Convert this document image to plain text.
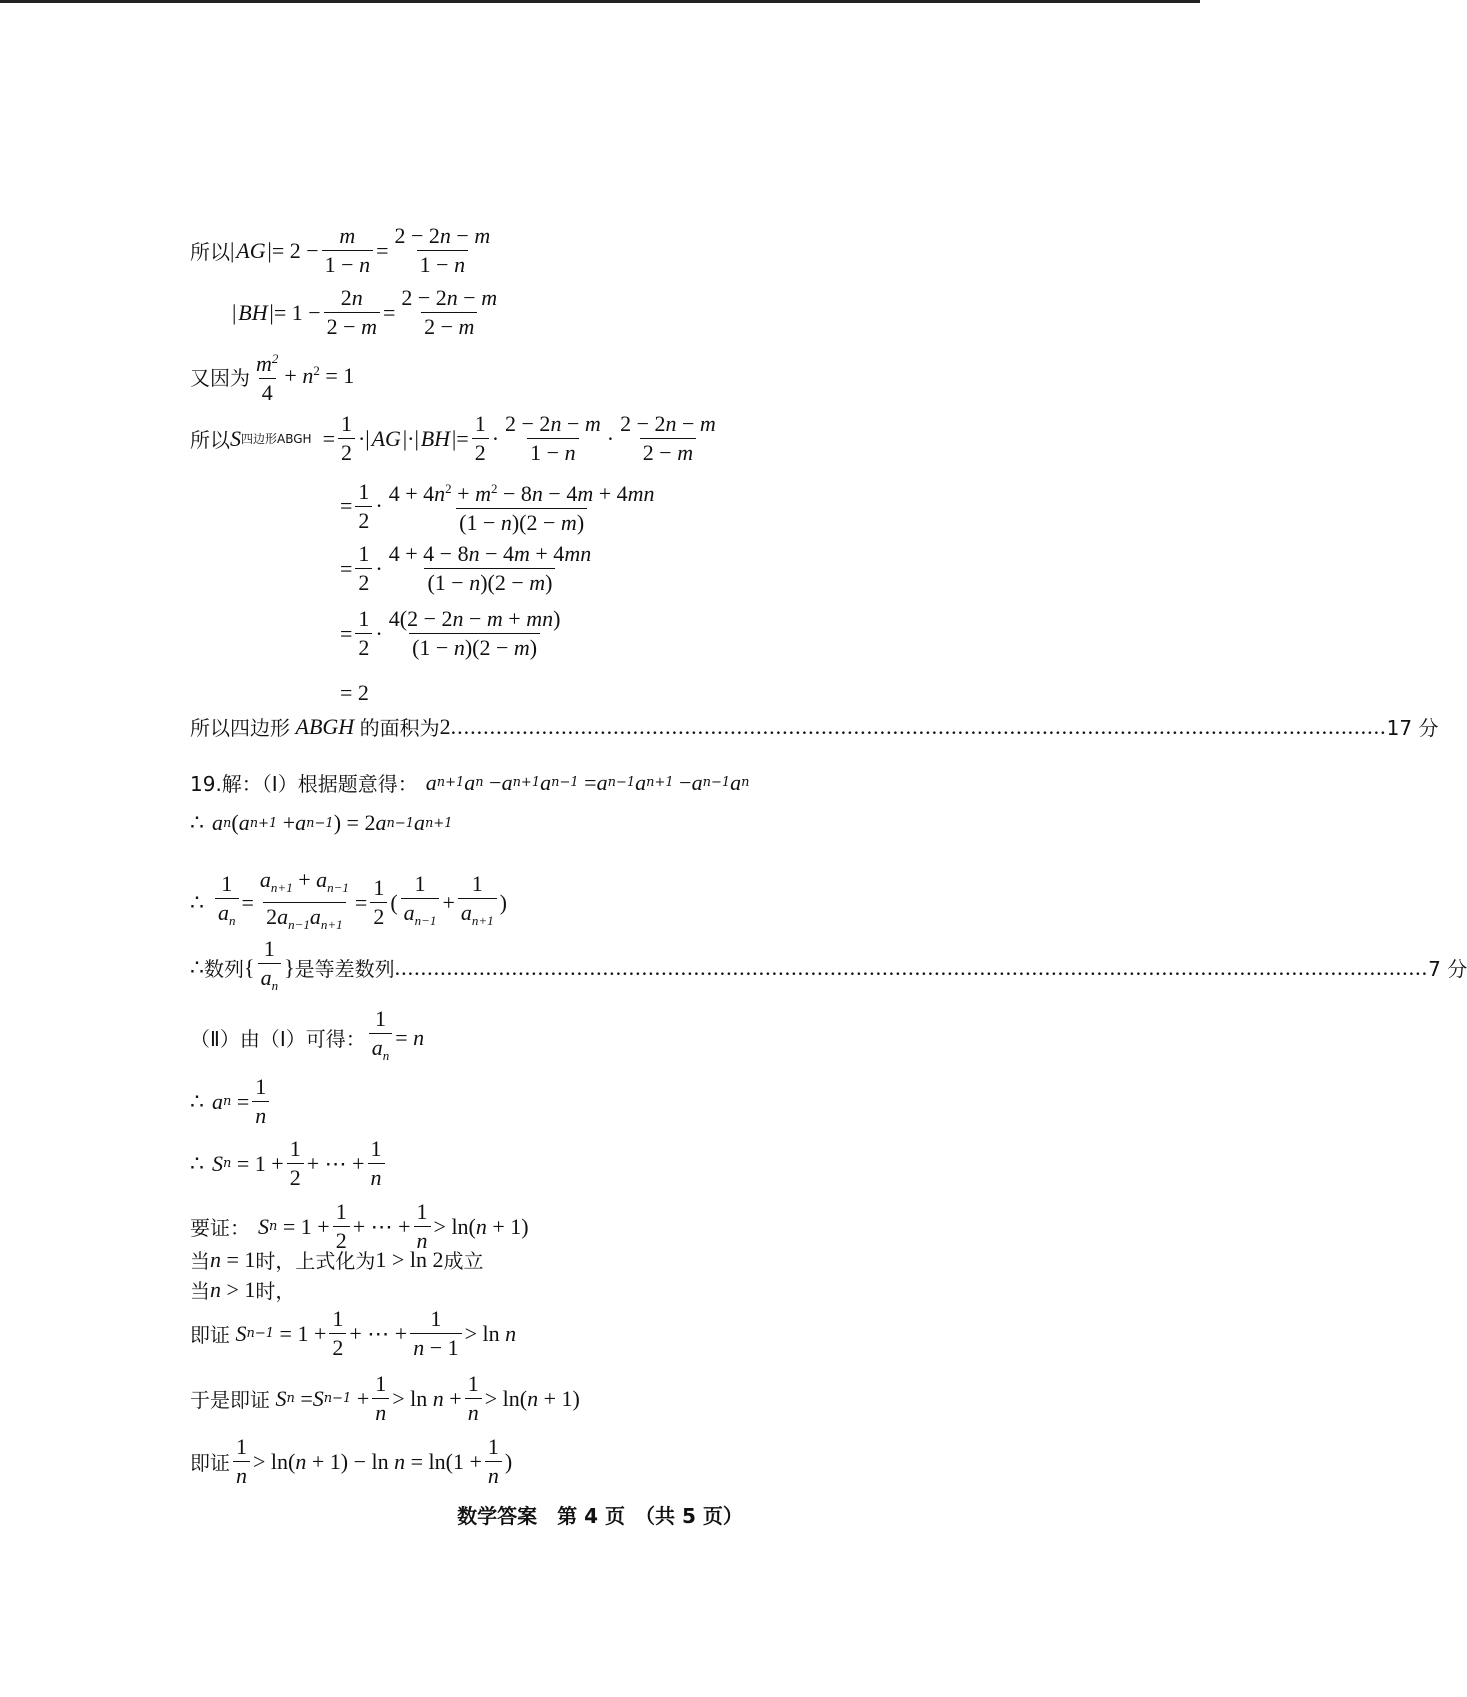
所以 |  AG  |= $2 - \frac{m}{1 - n} = \frac{2 - 2n - m}{1 - n}$
|  BH  |= $1 - \frac{2n}{2 - m} = \frac{2 - 2n - m}{2 - m}$
又因为 $\frac{m^2}{4} + n^2 = 1$
所以 S 四边形ABGH  = $\frac{1}{2}$ ·| AG |·| BH |= $\frac{1}{2} \cdot \frac{2 - 2n - m}{1 - n} \cdot \frac{2 - 2n - m}{2 - m}$
= $\frac{1}{2} \cdot \frac{4 + 4n^2 + m^2 - 8n - 4m + 4mn}{(1 - n)(2 - m)}$
= $\frac{1}{2} \cdot \frac{4 + 4 - 8n - 4m + 4mn}{(1 - n)(2 - m)}$
= $\frac{1}{2} \cdot \frac{4(2 - 2n - m + mn)}{(1 - n)(2 - m)}$
= 2
所以四边形 ABGH 的面积为 2 ................................................................................................................................................ 17 分
19.解：（Ⅰ）根据题意得： a n+1 a n − a n+1 a n−1 = a n−1 a n+1 − a n−1 a n
∴ a n ( a n+1 + a n−1 ) = 2 a n−1 a n+1
∴ $\frac{1}{a_n} = \frac{a_{n+1} + a_{n-1}}{2a_{n-1}a_{n+1}} = \frac{1}{2}$ ( $\frac{1}{a_{n-1}} + \frac{1}{a_{n+1}}$ )
∴ 数列 { $\frac{1}{a_n}$ } 是等差数列 ............................................................................................................................................................... 7 分
（Ⅱ）由（Ⅰ）可得： $\frac{1}{a_n} = n$
∴ a $n = \frac{1}{n}$
∴ S $n = 1 + \frac{1}{2}$ + ⋯ + $\frac{1}{n}$
要证： S $n = 1 + \frac{1}{2}$ + ⋯ + $\frac{1}{n} > \ln(n + 1)$
当 n = 1 时，上式化为 1 > ln 2 成立
当 n > 1 时，
即证 S $n-1 = 1 + \frac{1}{2}$ + ⋯ + $\frac{1}{n - 1} > \ln n$
于是即证 S n = S $n-1 + \frac{1}{n} > \ln n + \frac{1}{n} > \ln(n + 1)$
即证 $\frac{1}{n} > \ln(n + 1) - \ln n = \ln(1 + \frac{1}{n}$ )
数学答案　第 4 页　（共 5 页）
